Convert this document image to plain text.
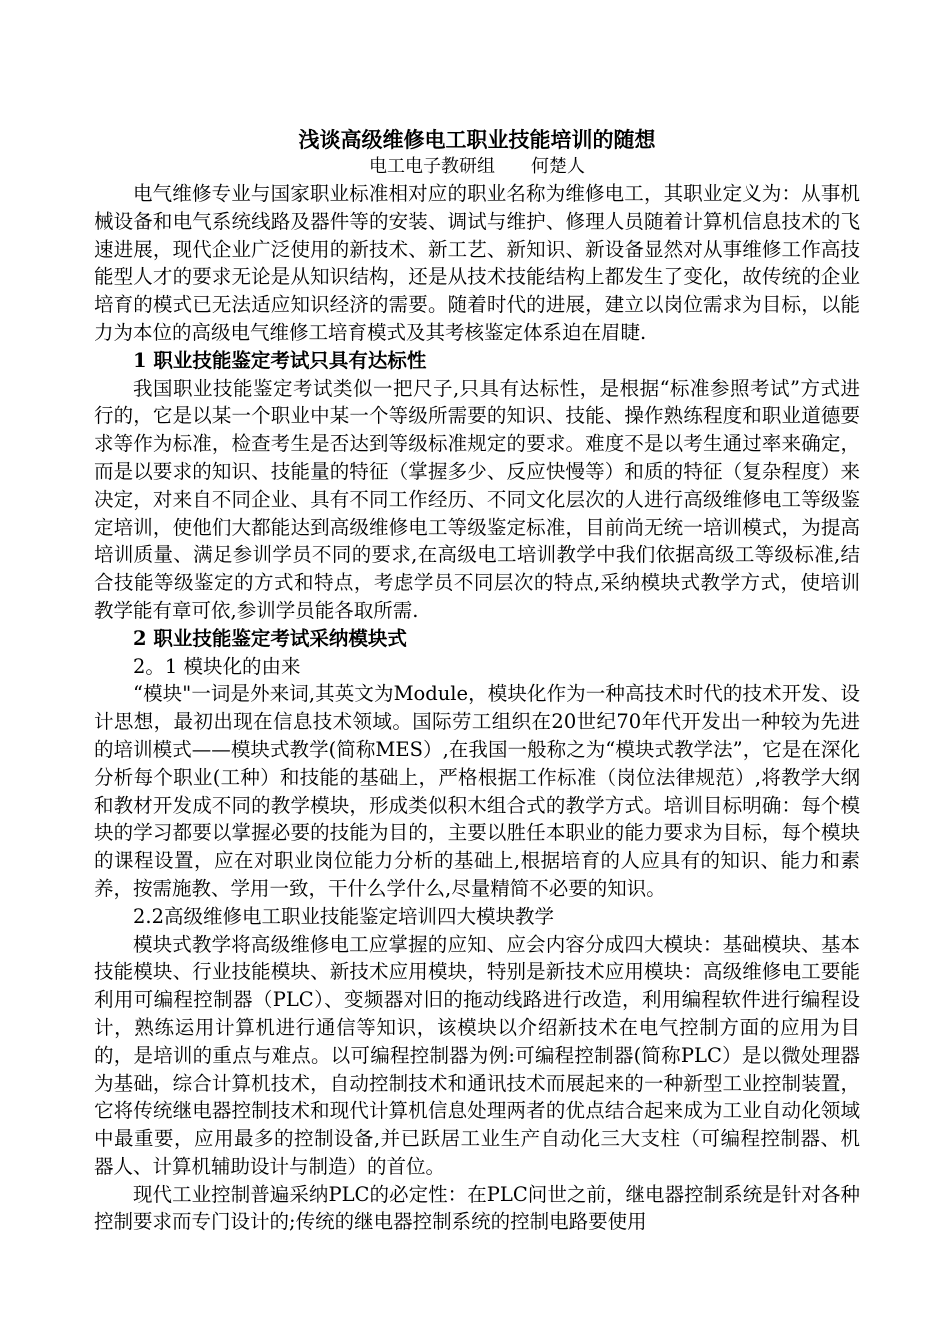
浅谈高级维修电工职业技能培训的随想
电工电子教研组 何楚人

电气维修专业与国家职业标准相对应的职业名称为维修电工，其职业定义为：从事机械设备和电气系统线路及器件等的安装、调试与维护、修理人员随着计算机信息技术的飞速进展，现代企业广泛使用的新技术、新工艺、新知识、新设备显然对从事维修工作高技能型人才的要求无论是从知识结构，还是从技术技能结构上都发生了变化，故传统的企业培育的模式已无法适应知识经济的需要。随着时代的进展，建立以岗位需求为目标，以能力为本位的高级电气维修工培育模式及其考核鉴定体系迫在眉睫.

1 职业技能鉴定考试只具有达标性

我国职业技能鉴定考试类似一把尺子,只具有达标性，是根据“标准参照考试”方式进行的，它是以某一个职业中某一个等级所需要的知识、技能、操作熟练程度和职业道德要求等作为标准，检查考生是否达到等级标准规定的要求。难度不是以考生通过率来确定，而是以要求的知识、技能量的特征（掌握多少、反应快慢等）和质的特征（复杂程度）来决定，对来自不同企业、具有不同工作经历、不同文化层次的人进行高级维修电工等级鉴定培训，使他们大都能达到高级维修电工等级鉴定标准，目前尚无统一培训模式，为提高培训质量、满足参训学员不同的要求,在高级电工培训教学中我们依据高级工等级标准,结合技能等级鉴定的方式和特点，考虑学员不同层次的特点,采纳模块式教学方式，使培训教学能有章可依,参训学员能各取所需.

2 职业技能鉴定考试采纳模块式
2。1 模块化的由来

“模块"一词是外来词,其英文为Module，模块化作为一种高技术时代的技术开发、设计思想，最初出现在信息技术领域。国际劳工组织在20世纪70年代开发出一种较为先进的培训模式——模块式教学(简称MES）,在我国一般称之为“模块式教学法”，它是在深化分析每个职业(工种）和技能的基础上，严格根据工作标准（岗位法律规范）,将教学大纲和教材开发成不同的教学模块，形成类似积木组合式的教学方式。培训目标明确：每个模块的学习都要以掌握必要的技能为目的，主要以胜任本职业的能力要求为目标，每个模块的课程设置，应在对职业岗位能力分析的基础上,根据培育的人应具有的知识、能力和素养，按需施教、学用一致，干什么学什么,尽量精简不必要的知识。

2.2高级维修电工职业技能鉴定培训四大模块教学

模块式教学将高级维修电工应掌握的应知、应会内容分成四大模块：基础模块、基本技能模块、行业技能模块、新技术应用模块，特别是新技术应用模块：高级维修电工要能利用可编程控制器（PLC）、变频器对旧的拖动线路进行改造，利用编程软件进行编程设计，熟练运用计算机进行通信等知识，该模块以介绍新技术在电气控制方面的应用为目的，是培训的重点与难点。以可编程控制器为例:可编程控制器(简称PLC）是以微处理器为基础，综合计算机技术，自动控制技术和通讯技术而展起来的一种新型工业控制装置，它将传统继电器控制技术和现代计算机信息处理两者的优点结合起来成为工业自动化领域中最重要，应用最多的控制设备,并已跃居工业生产自动化三大支柱（可编程控制器、机器人、计算机辅助设计与制造）的首位。

现代工业控制普遍采纳PLC的必定性：在PLC问世之前，继电器控制系统是针对各种控制要求而专门设计的;传统的继电器控制系统的控制电路要使用
